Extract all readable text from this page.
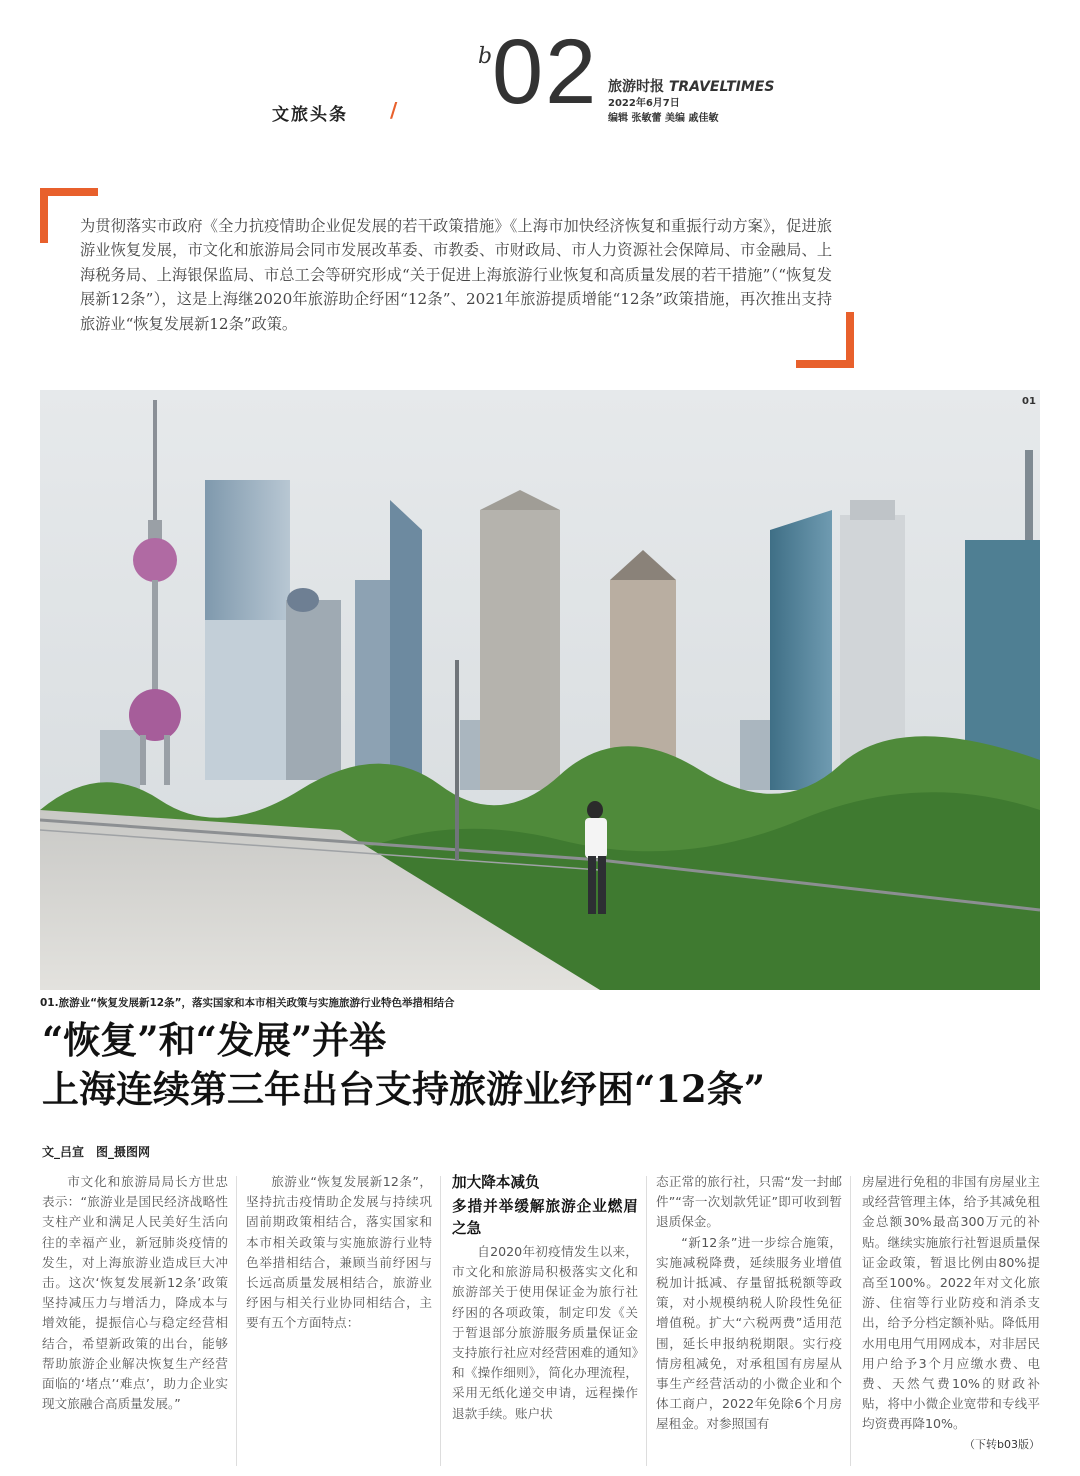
文旅头条 /
b 02 旅游时报 TRAVELTIMES
2022年6月7日
编辑 张敏蕾 美编 戚佳敏
为贯彻落实市政府《全力抗疫情助企业促发展的若干政策措施》《上海市加快经济恢复和重振行动方案》，促进旅游业恢复发展，市文化和旅游局会同市发展改革委、市教委、市财政局、市人力资源社会保障局、市金融局、上海税务局、上海银保监局、市总工会等研究形成“关于促进上海旅游行业恢复和高质量发展的若干措施”（“恢复发展新12条”），这是上海继2020年旅游助企纾困“12条”、2021年旅游提质增能“12条”政策措施，再次推出支持旅游业“恢复发展新12条”政策。
01
01.旅游业“恢复发展新12条”，落实国家和本市相关政策与实施旅游行业特色举措相结合
“恢复”和“发展”并举
上海连续第三年出台支持旅游业纾困“12条”
文_吕宣　图_摄图网

市文化和旅游局局长方世忠表示：“旅游业是国民经济战略性支柱产业和满足人民美好生活向往的幸福产业，新冠肺炎疫情的发生，对上海旅游业造成巨大冲击。这次‘恢复发展新12条’政策坚持减压力与增活力，降成本与增效能，提振信心与稳定经营相结合，希望新政策的出台，能够帮助旅游企业解决恢复生产经营面临的‘堵点’‘难点’，助力企业实现文旅融合高质量发展。”

旅游业“恢复发展新12条”，坚持抗击疫情助企发展与持续巩固前期政策相结合，落实国家和本市相关政策与实施旅游行业特色举措相结合，兼顾当前纾困与长远高质量发展相结合，旅游业纾困与相关行业协同相结合，主要有五个方面特点：

加大降本减负
多措并举缓解旅游企业燃眉之急

自2020年初疫情发生以来，市文化和旅游局积极落实文化和旅游部关于使用保证金为旅行社纾困的各项政策，制定印发《关于暂退部分旅游服务质量保证金支持旅行社应对经营困难的通知》和《操作细则》，简化办理流程，采用无纸化递交申请，远程操作退款手续。账户状

态正常的旅行社，只需“发一封邮件”“寄一次划款凭证”即可收到暂退质保金。

“新12条”进一步综合施策，实施减税降费，延续服务业增值税加计抵减、存量留抵税额等政策，对小规模纳税人阶段性免征增值税。扩大“六税两费”适用范围，延长申报纳税期限。实行疫情房租减免，对承租国有房屋从事生产经营活动的小微企业和个体工商户，2022年免除6个月房屋租金。对参照国有

房屋进行免租的非国有房屋业主或经营管理主体，给予其减免租金总额30%最高300万元的补贴。继续实施旅行社暂退质量保证金政策，暂退比例由80%提高至100%。2022年对文化旅游、住宿等行业防疫和消杀支出，给予分档定额补贴。降低用水用电用气用网成本，对非居民用户给予3个月应缴水费、电费、天然气费10%的财政补贴，将中小微企业宽带和专线平均资费再降10%。

（下转b03版）
